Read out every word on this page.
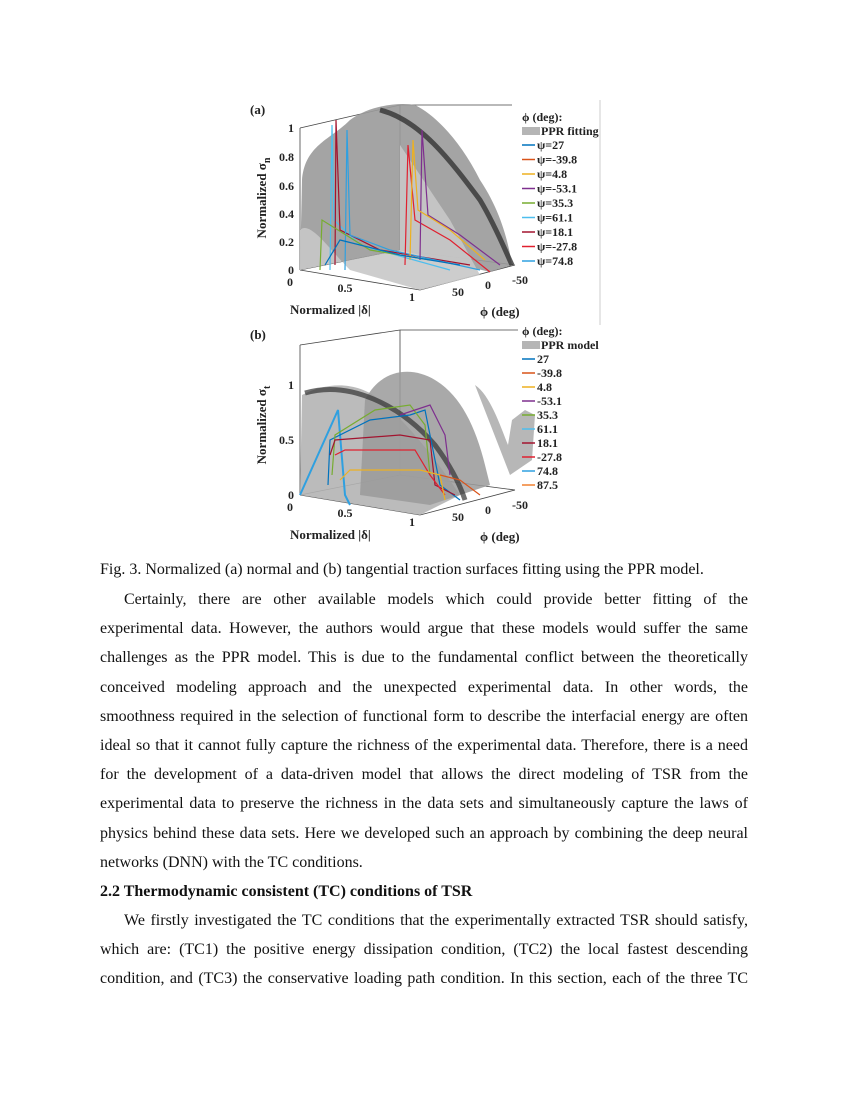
(a)
1
0.8
0.6
0.4
0.2
0
0	0.5
1	50 0 -50
Normalized |δ|	ϕ (deg)
Normalized $\sigma_n$
ϕ (deg):
PPR fitting
ψ=27
ψ=-39.8
ψ=4.8
ψ=-53.1
ψ=35.3
ψ=61.1
ψ=18.1
ψ=-27.8
ψ=74.8
(b)
1
0.5
0
0	0.5
1	50 0 -50
Normalized |δ|	ϕ (deg)
Normalized $\sigma_t$
ϕ (deg):
PPR model
27
-39.8
4.8
-53.1
35.3
61.1
18.1
-27.8
74.8
87.5
Fig. 3. Normalized (a) normal and (b) tangential traction surfaces fitting using the PPR model.
Certainly, there are other available models which could provide better fitting of the
experimental data. However, the authors would argue that these models would suffer the same
challenges as the PPR model. This is due to the fundamental conflict between the theoretically
conceived modeling approach and the unexpected experimental data. In other words, the
smoothness required in the selection of functional form to describe the interfacial energy are often
ideal so that it cannot fully capture the richness of the experimental data. Therefore, there is a need
for the development of a data-driven model that allows the direct modeling of TSR from the
experimental data to preserve the richness in the data sets and simultaneously capture the laws of
physics behind these data sets. Here we developed such an approach by combining the deep neural
networks (DNN) with the TC conditions.
2.2 Thermodynamic consistent (TC) conditions of TSR
We firstly investigated the TC conditions that the experimentally extracted TSR should satisfy,
which are: (TC1) the positive energy dissipation condition, (TC2) the local fastest descending
condition, and (TC3) the conservative loading path condition. In this section, each of the three TC
